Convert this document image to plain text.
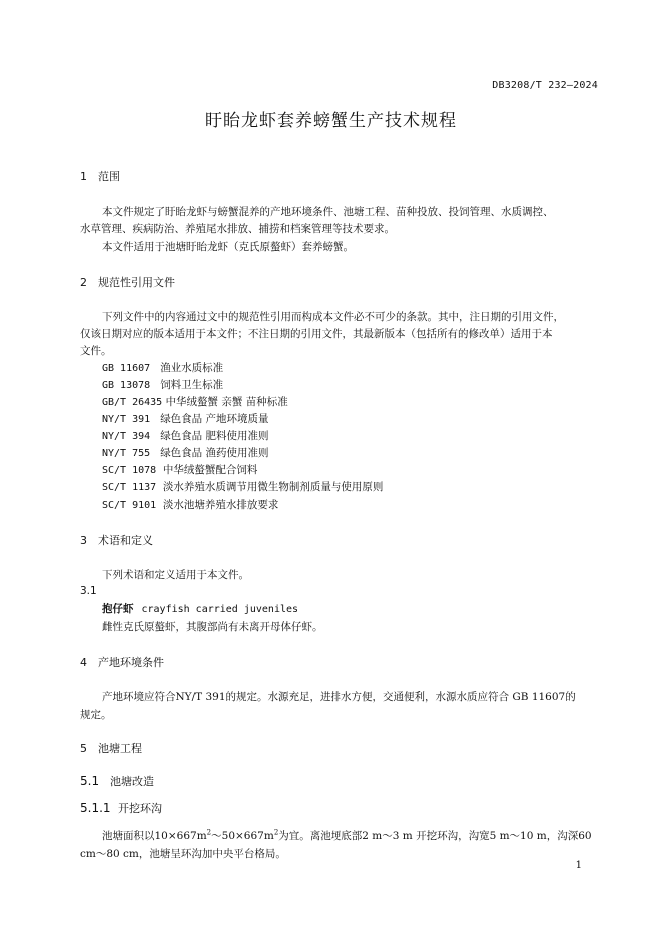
DB3208/T 232—2024
盱眙龙虾套养螃蟹生产技术规程
1 范围
本文件规定了盱眙龙虾与螃蟹混养的产地环境条件、池塘工程、苗种投放、投饲管理、水质调控、
水草管理、疾病防治、养殖尾水排放、捕捞和档案管理等技术要求。
本文件适用于池塘盱眙龙虾（克氏原螯虾）套养螃蟹。
2 规范性引用文件
下列文件中的内容通过文中的规范性引用而构成本文件必不可少的条款。其中，注日期的引用文件，
仅该日期对应的版本适用于本文件；不注日期的引用文件，其最新版本（包括所有的修改单）适用于本
文件。
GB 11607 渔业水质标准
GB 13078 饲料卫生标准
GB/T 26435 中华绒螯蟹 亲蟹 苗种标准
NY/T 391 绿色食品 产地环境质量
NY/T 394 绿色食品 肥料使用准则
NY/T 755 绿色食品 渔药使用准则
SC/T 1078 中华绒螯蟹配合饲料
SC/T 1137 淡水养殖水质调节用微生物制剂质量与使用原则
SC/T 9101 淡水池塘养殖水排放要求
3 术语和定义
下列术语和定义适用于本文件。
3.1
抱仔虾 crayfish carried juveniles
雌性克氏原螯虾，其腹部尚有未离开母体仔虾。
4 产地环境条件
产地环境应符合NY/T 391的规定。水源充足，进排水方便，交通便利，水源水质应符合 GB 11607的
规定。
5 池塘工程
5.1 池塘改造
5.1.1 开挖环沟
池塘面积以$10\times 667m^2\sim 50\times 667m^2$为宜。离池埂底部2 m～3 m 开挖环沟，沟宽5 m～10 m，沟深60
cm～80 cm，池塘呈环沟加中央平台格局。
1
